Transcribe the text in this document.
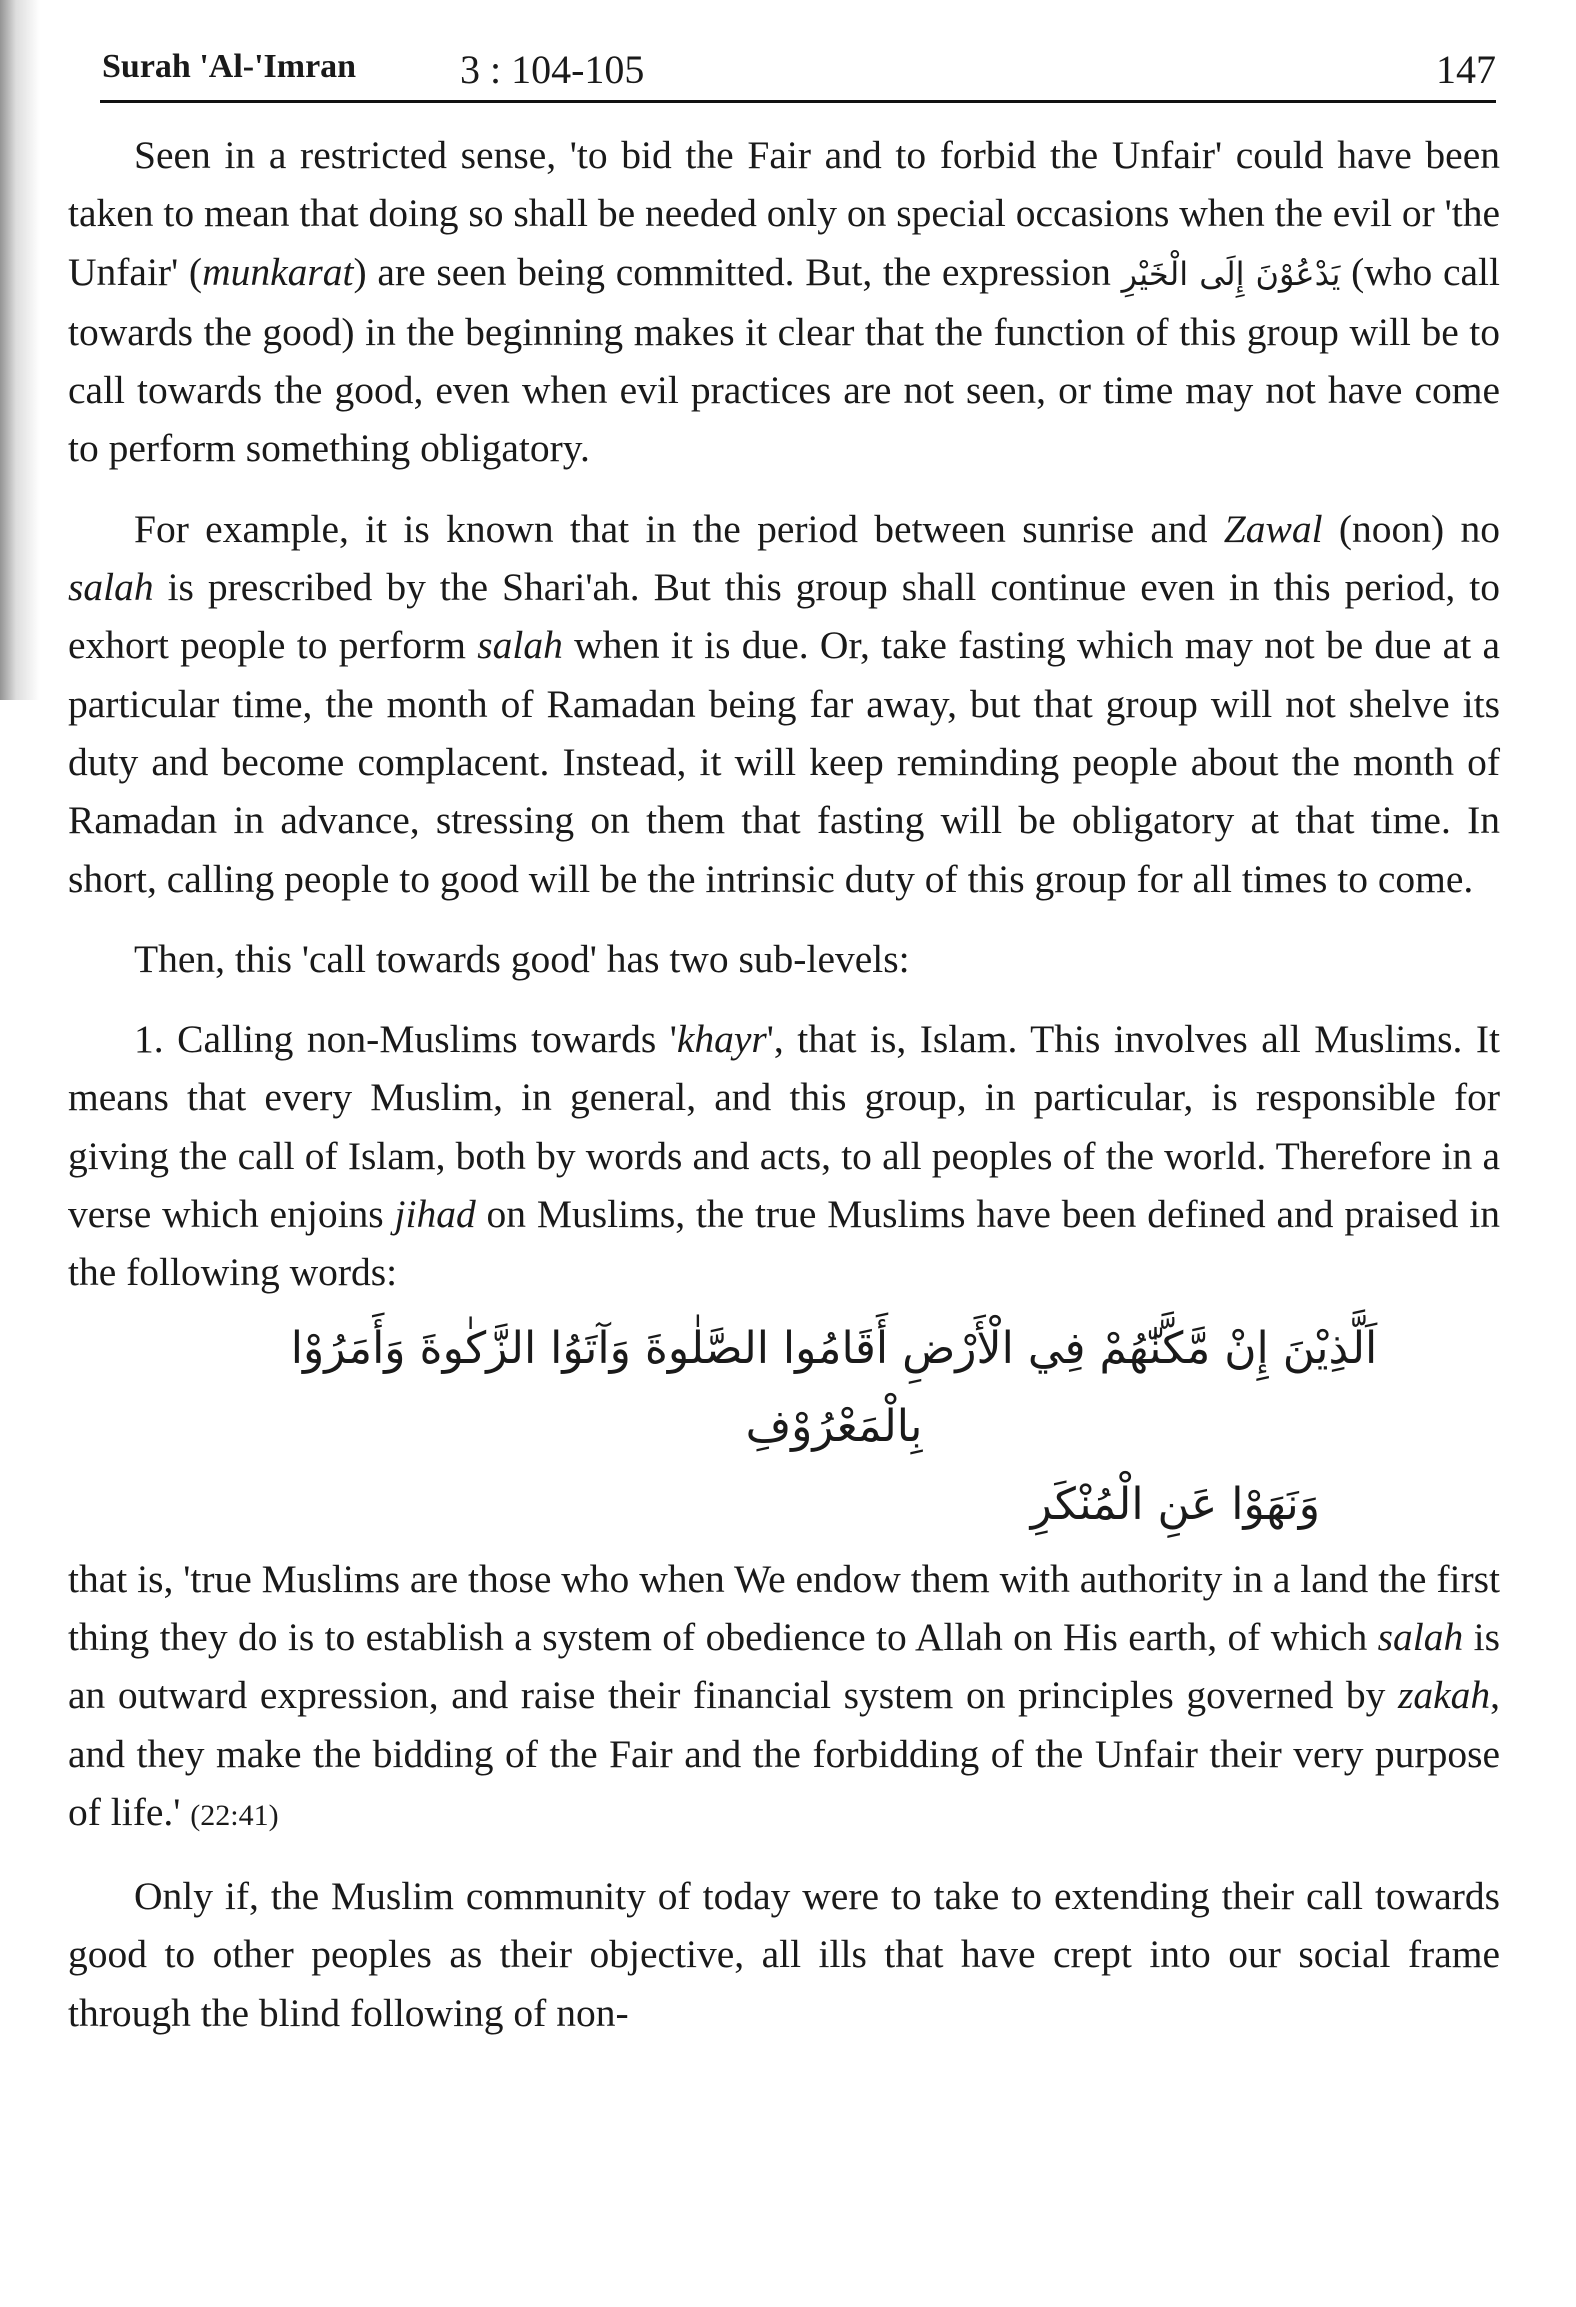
Surah 'Al-'Imran	3 : 104-105	147

Seen in a restricted sense, 'to bid the Fair and to forbid the Unfair' could have been taken to mean that doing so shall be needed only on special occasions when the evil or 'the Unfair' (munkarat) are seen being committed. But, the expression يَدْعُوْنَ إِلَى الْخَيْرِ (who call towards the good) in the beginning makes it clear that the function of this group will be to call towards the good, even when evil practices are not seen, or time may not have come to perform something obligatory.

For example, it is known that in the period between sunrise and Zawal (noon) no salah is prescribed by the Shari'ah. But this group shall continue even in this period, to exhort people to perform salah when it is due. Or, take fasting which may not be due at a particular time, the month of Ramadan being far away, but that group will not shelve its duty and become complacent. Instead, it will keep reminding people about the month of Ramadan in advance, stressing on them that fasting will be obligatory at that time. In short, calling people to good will be the intrinsic duty of this group for all times to come.

Then, this 'call towards good' has two sub-levels:

1. Calling non-Muslims towards 'khayr', that is, Islam. This involves all Muslims. It means that every Muslim, in general, and this group, in particular, is responsible for giving the call of Islam, both by words and acts, to all peoples of the world. Therefore in a verse which enjoins jihad on Muslims, the true Muslims have been defined and praised in the following words:

اَلَّذِيْنَ إِنْ مَّكَّنّٰهُمْ فِي الْأَرْضِ أَقَامُوا الصَّلٰوةَ وَآتَوُا الزَّكٰوةَ وَأَمَرُوْا بِالْمَعْرُوْفِ
وَنَهَوْا عَنِ الْمُنْكَرِ

that is, 'true Muslims are those who when We endow them with authority in a land the first thing they do is to establish a system of obedience to Allah on His earth, of which salah is an outward expression, and raise their financial system on principles governed by zakah, and they make the bidding of the Fair and the forbidding of the Unfair their very purpose of life.' (22:41)

Only if, the Muslim community of today were to take to extending their call towards good to other peoples as their objective, all ills that have crept into our social frame through the blind following of non-
